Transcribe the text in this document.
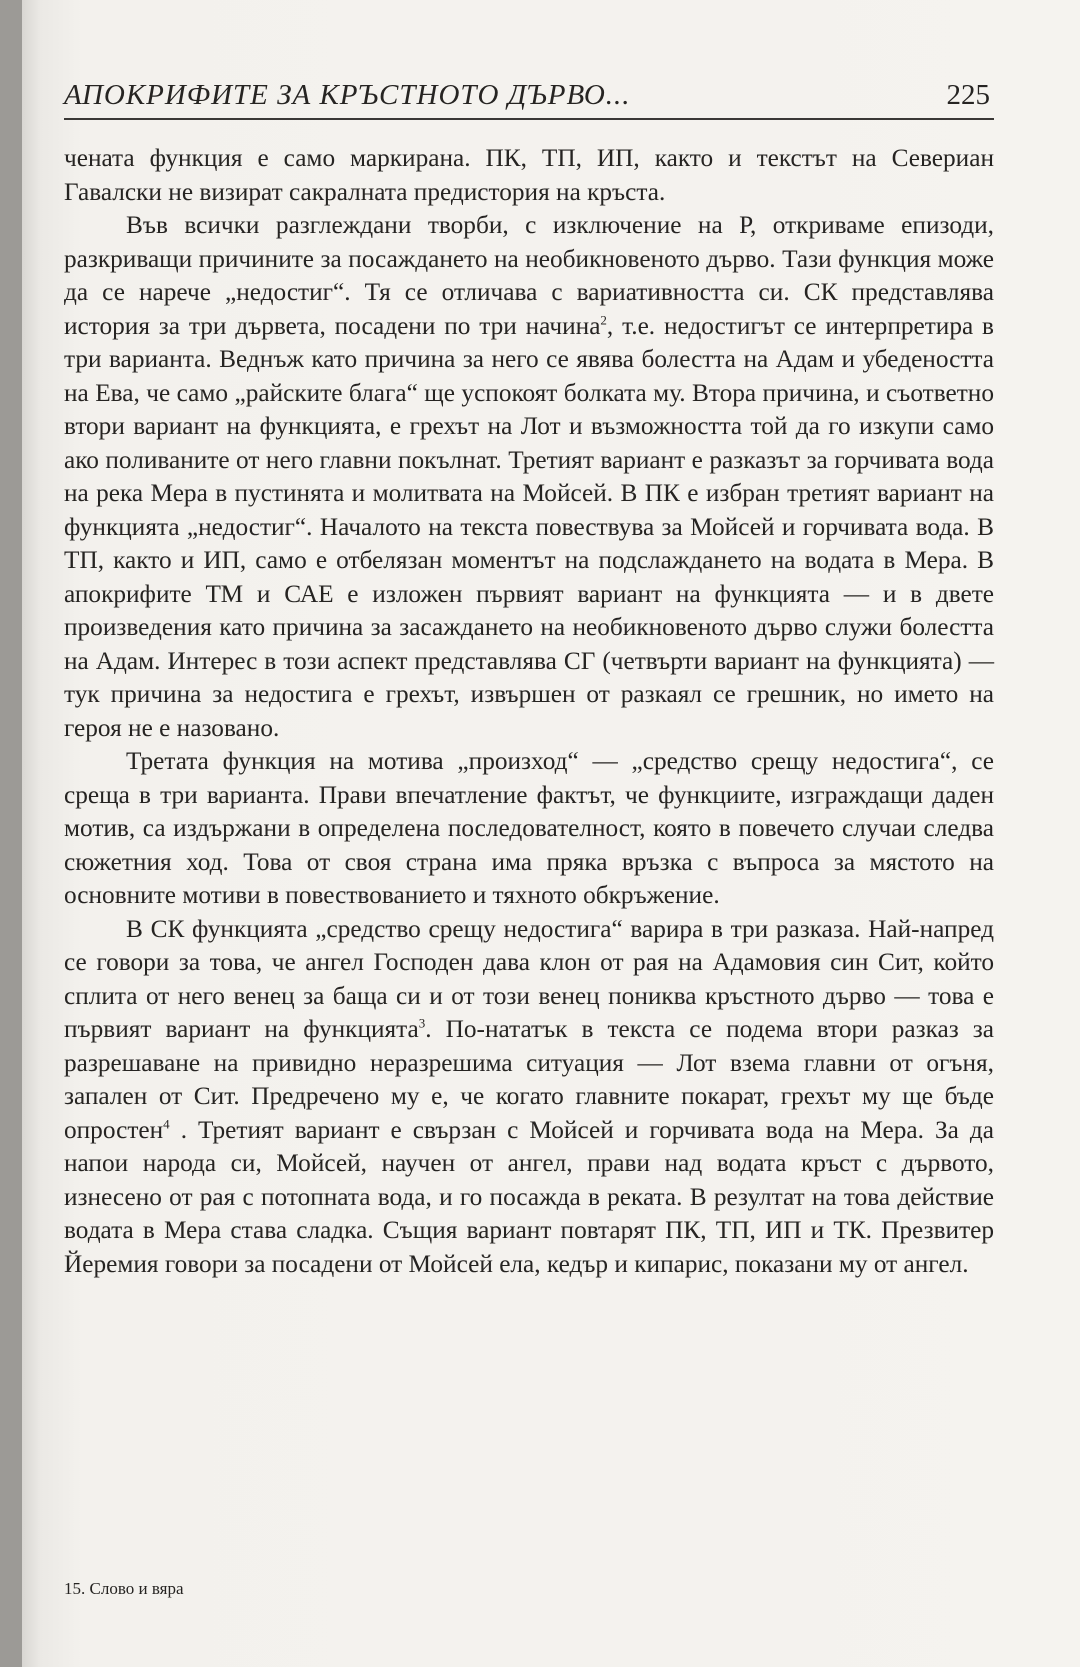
АПОКРИФИТЕ ЗА КРЪСТНОТО ДЪРВО...	225

чената функция е само маркирана. ПК, ТП, ИП, както и текстът на Севериан Гавалски не визират сакралната предистория на кръста.

Във всички разглеждани творби, с изключение на Р, откриваме епизоди, разкриващи причините за посаждането на необикновеното дърво. Тази функция може да се нарече „недостиг“. Тя се отличава с вариативността си. СК представлява история за три дървета, посадени по три начина$^2$, т.е. недостигът се интерпретира в три варианта. Веднъж като причина за него се явява болестта на Адам и убедеността на Ева, че само „райските блага“ ще успокоят болката му. Втора причина, и съответно втори вариант на функцията, е грехът на Лот и възможността той да го изкупи само ако поливаните от него главни покълнат. Третият вариант е разказът за горчивата вода на река Мера в пустинята и молитвата на Мойсей. В ПК е избран третият вариант на функцията „недостиг“. Началото на текста повествува за Мойсей и горчивата вода. В ТП, както и ИП, само е отбелязан моментът на подслаждането на водата в Мера. В апокрифите ТМ и САЕ е изложен първият вариант на функцията — и в двете произведения като причина за засаждането на необикновеното дърво служи болестта на Адам. Интерес в този аспект представлява СГ (четвърти вариант на функцията) — тук причина за недостига е грехът, извършен от разкаял се грешник, но името на героя не е назовано.

Третата функция на мотива „произход“ — „средство срещу недостига“, се среща в три варианта. Прави впечатление фактът, че функциите, изграждащи даден мотив, са издържани в определена последователност, която в повечето случаи следва сюжетния ход. Това от своя страна има пряка връзка с въпроса за мястото на основните мотиви в повествованието и тяхното обкръжение.

В СК функцията „средство срещу недостига“ варира в три разказа. Най-напред се говори за това, че ангел Господен дава клон от рая на Адамовия син Сит, който сплита от него венец за баща си и от този венец пониква кръстното дърво — това е първият вариант на функцията$^3$. По-нататък в текста се подема втори разказ за разрешаване на привидно неразрешима ситуация — Лот взема главни от огъня, запален от Сит. Предречено му е, че когато главните покарат, грехът му ще бъде опростен$^4$ . Третият вариант е свързан с Мойсей и горчивата вода на Мера. За да напои народа си, Мойсей, научен от ангел, прави над водата кръст с дървото, изнесено от рая с потопната вода, и го посажда в реката. В резултат на това действие водата в Мера става сладка. Същия вариант повтарят ПК, ТП, ИП и ТК. Презвитер Йеремия говори за посадени от Мойсей ела, кедър и кипарис, показани му от ангел.

15. Слово и вяра
